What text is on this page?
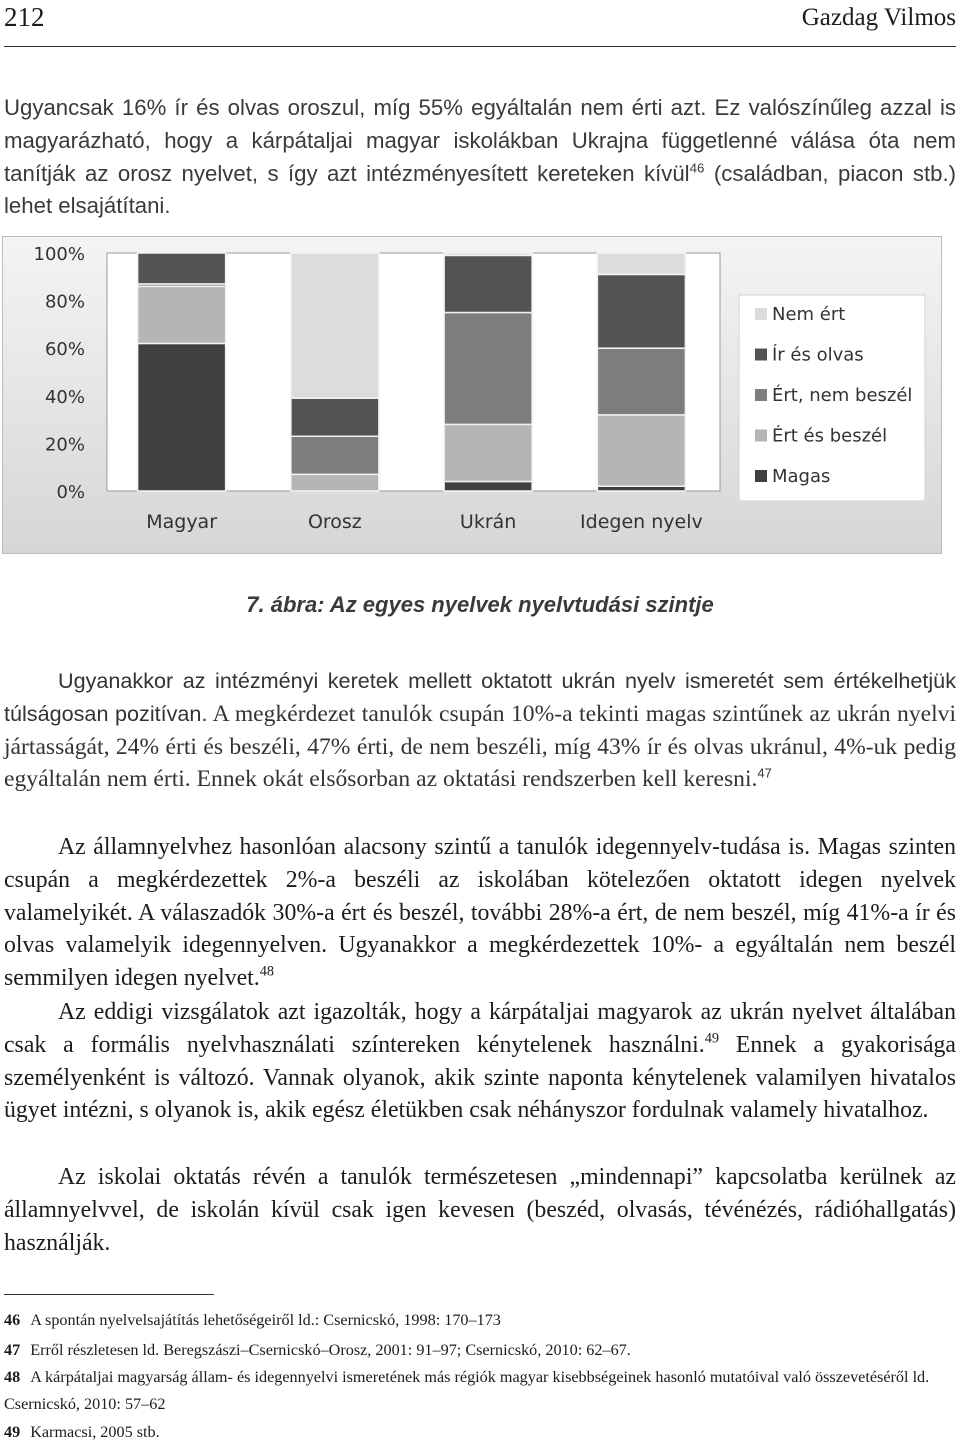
212	Gazdag Vilmos

Ugyancsak 16% ír és olvas oroszul, míg 55% egyáltalán nem érti azt. Ez valószínűleg azzal is magyarázható, hogy a kárpátaljai magyar iskolákban Ukrajna függetlenné válása óta nem tanítják az orosz nyelvet, s így azt intézményesített kereteken kívül$^{46}$ (családban, piacon stb.) lehet elsajátítani.

0%
20%
40%
60%
80%
100%
Magyar	Orosz	Ukrán	Idegen nyelv
Nem ért
Ír és olvas
Ért, nem beszél
Ért és beszél
Magas
7. ábra: Az egyes nyelvek nyelvtudási szintje

Ugyanakkor az intézményi keretek mellett oktatott ukrán nyelv ismeretét sem értékelhetjük túlságosan pozitívan. A megkérdezet tanulók csupán 10%-a tekinti magas szintűnek az ukrán nyelvi jártasságát, 24% érti és beszéli, 47% érti, de nem beszéli, míg 43% ír és olvas ukránul, 4%-uk pedig egyáltalán nem érti. Ennek okát elsősorban az oktatási rendszerben kell keresni.$^{47}$

Az államnyelvhez hasonlóan alacsony szintű a tanulók idegennyelv-tudása is. Magas szinten csupán a megkérdezettek 2%-a beszéli az iskolában kötelezően oktatott idegen nyelvek valamelyikét. A válaszadók 30%-a ért és beszél, további 28%-a ért, de nem beszél, míg 41%-a ír és olvas valamelyik idegennyelven. Ugyanakkor a megkérdezettek 10%- a egyáltalán nem beszél semmilyen idegen nyelvet.$^{48}$

Az eddigi vizsgálatok azt igazolták, hogy a kárpátaljai magyarok az ukrán nyelvet általában csak a formális nyelvhasználati színtereken kénytelenek használni.$^{49}$ Ennek a gyakorisága személyenként is változó. Vannak olyanok, akik szinte naponta kénytelenek valamilyen hivatalos ügyet intézni, s olyanok is, akik egész életükben csak néhányszor fordulnak valamely hivatalhoz.

Az iskolai oktatás révén a tanulók természetesen „mindennapi” kapcsolatba kerülnek az államnyelvvel, de iskolán kívül csak igen kevesen (beszéd, olvasás, tévénézés, rádióhallgatás) használják.

46 A spontán nyelvelsajátítás lehetőségeiről ld.: Csernicskó, 1998: 170–173

47 Erről részletesen ld. Beregszászi–Csernicskó–Orosz, 2001: 91–97; Csernicskó, 2010: 62–67.

48 A kárpátaljai magyarság állam- és idegennyelvi ismeretének más régiók magyar kisebbségeinek hasonló mutatóival való összevetéséről ld. Csernicskó, 2010: 57–62

49 Karmacsi, 2005 stb.
